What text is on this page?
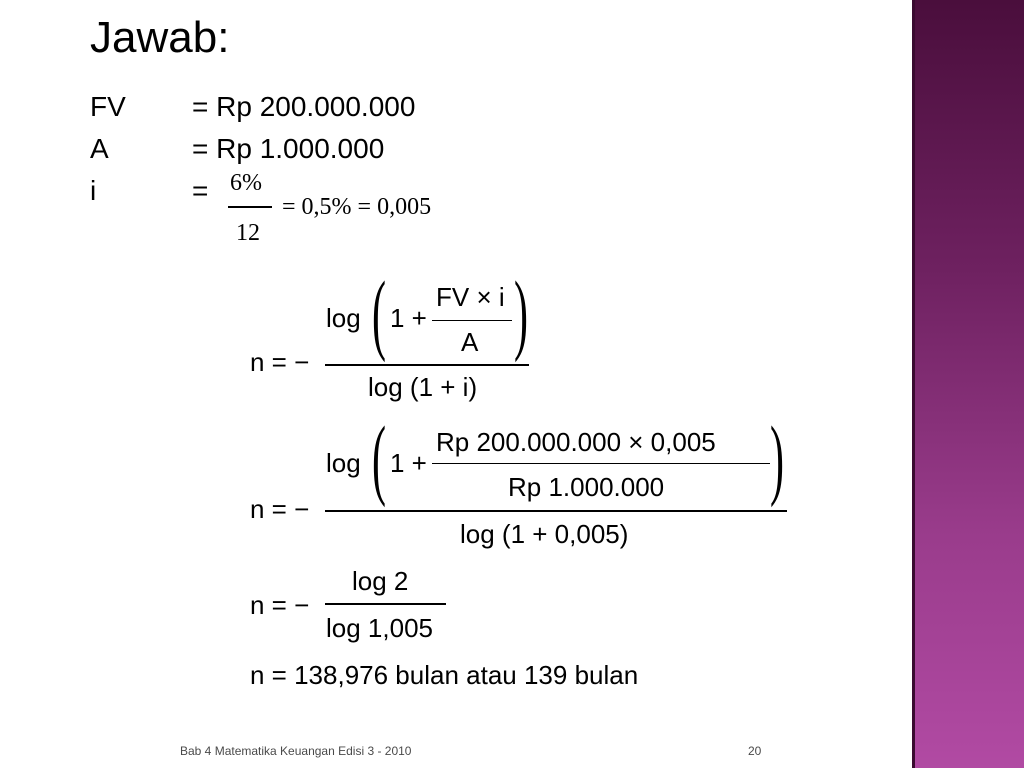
Jawab:
FV = Rp 200.000.000
A	= Rp 1.000.000
i	= 6%
12
= 0,5% = 0,005
n = −
log ( 1 +
FV × i
A )
log (1 + i)
n = −
log ( 1 +
Rp 200.000.000 × 0,005
Rp 1.000.000 )
log (1 + 0,005)
n = −
log 2
log 1,005
n = 138,976 bulan atau 139 bulan
Bab 4 Matematika Keuangan Edisi 3 - 2010	20
